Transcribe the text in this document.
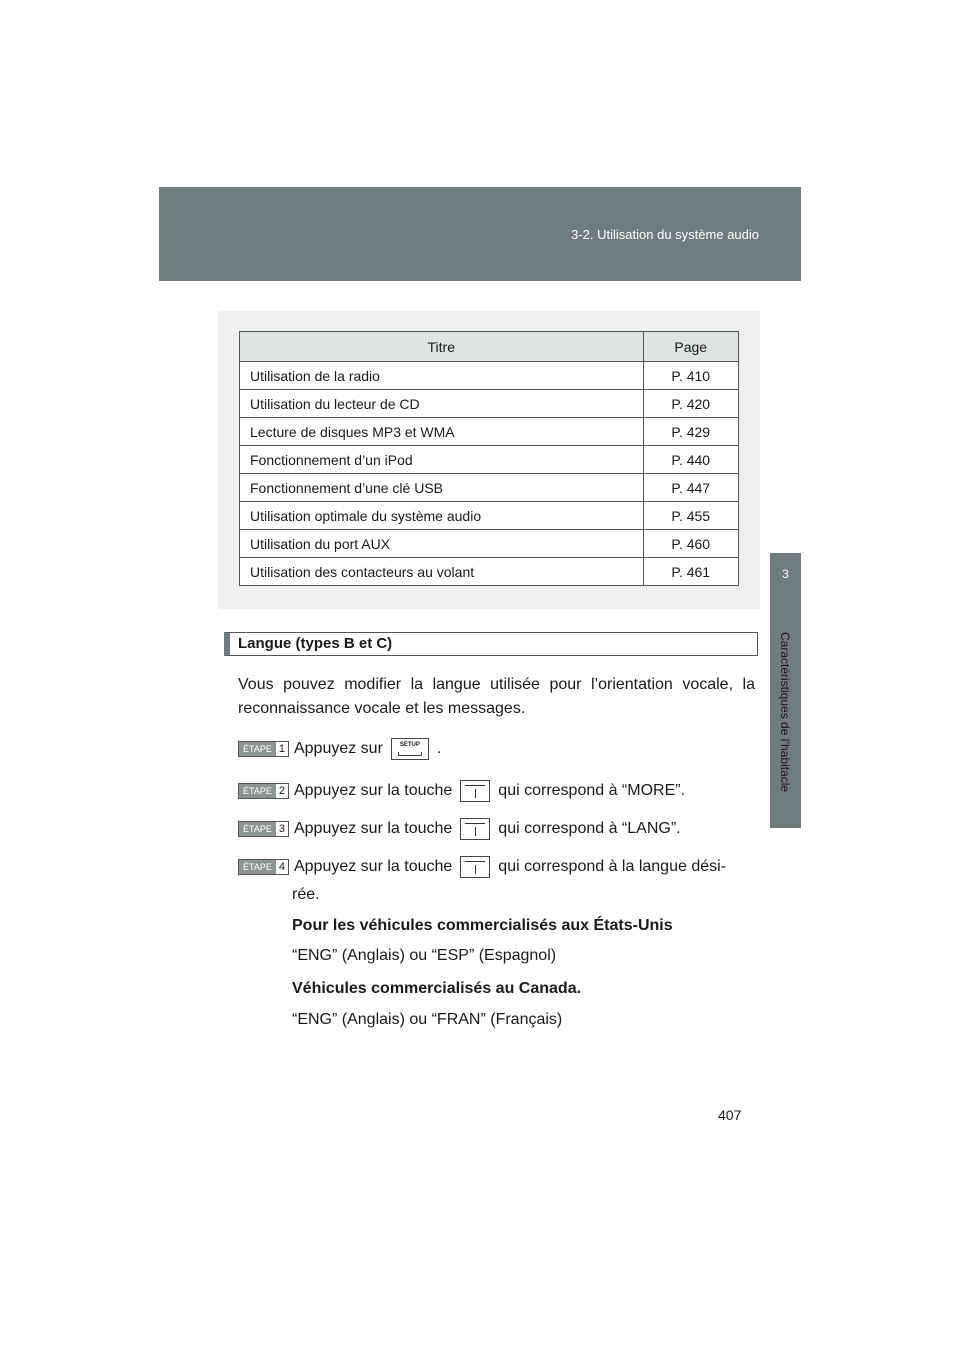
3-2. Utilisation du système audio
3
Caractéristiques de l’habitacle
Titre	Page
Utilisation de la radio	P. 410
Utilisation du lecteur de CD	P. 420
Lecture de disques MP3 et WMA	P. 429
Fonctionnement d’un iPod	P. 440
Fonctionnement d’une clé USB	P. 447
Utilisation optimale du système audio	P. 455
Utilisation du port AUX	P. 460
Utilisation des contacteurs au volant	P. 461
Langue (types B et C)
Vous pouvez modifier la langue utilisée pour l’orientation vocale, la reconnaissance vocale et les messages.
ÉTAPE 1 Appuyez sur	SETUP	.
ÉTAPE 2 Appuyez sur la touche	qui correspond à “MORE”.
ÉTAPE 3 Appuyez sur la touche	qui correspond à “LANG”.
ÉTAPE 4 Appuyez sur la touche	qui correspond à la langue dési-
rée.
Pour les véhicules commercialisés aux États-Unis
“ENG” (Anglais) ou “ESP” (Espagnol)
Véhicules commercialisés au Canada.
“ENG” (Anglais) ou “FRAN” (Français)
407
